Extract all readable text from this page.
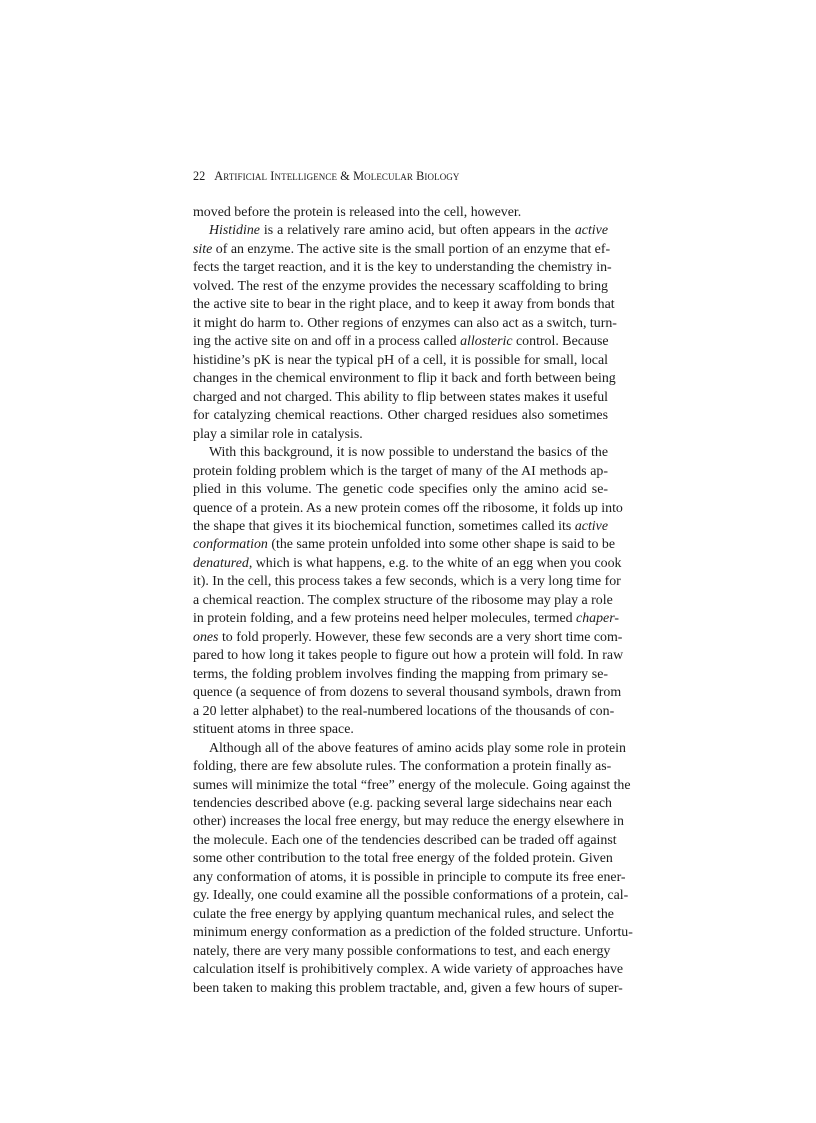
22 Artificial Intelligence & Molecular Biology
moved before the protein is released into the cell, however.
Histidine is a relatively rare amino acid, but often appears in the active
site of an enzyme. The active site is the small portion of an enzyme that ef-
fects the target reaction, and it is the key to understanding the chemistry in-
volved. The rest of the enzyme provides the necessary scaffolding to bring
the active site to bear in the right place, and to keep it away from bonds that
it might do harm to. Other regions of enzymes can also act as a switch, turn-
ing the active site on and off in a process called allosteric control. Because
histidine’s pK is near the typical pH of a cell, it is possible for small, local
changes in the chemical environment to flip it back and forth between being
charged and not charged. This ability to flip between states makes it useful
for catalyzing chemical reactions. Other charged residues also sometimes
play a similar role in catalysis.
With this background, it is now possible to understand the basics of the
protein folding problem which is the target of many of the AI methods ap-
plied in this volume. The genetic code specifies only the amino acid se-
quence of a protein. As a new protein comes off the ribosome, it folds up into
the shape that gives it its biochemical function, sometimes called its active
conformation (the same protein unfolded into some other shape is said to be
denatured, which is what happens, e.g. to the white of an egg when you cook
it). In the cell, this process takes a few seconds, which is a very long time for
a chemical reaction. The complex structure of the ribosome may play a role
in protein folding, and a few proteins need helper molecules, termed chaper-
ones to fold properly. However, these few seconds are a very short time com-
pared to how long it takes people to figure out how a protein will fold. In raw
terms, the folding problem involves finding the mapping from primary se-
quence (a sequence of from dozens to several thousand symbols, drawn from
a 20 letter alphabet) to the real-numbered locations of the thousands of con-
stituent atoms in three space.
Although all of the above features of amino acids play some role in protein
folding, there are few absolute rules. The conformation a protein finally as-
sumes will minimize the total “free” energy of the molecule. Going against the
tendencies described above (e.g. packing several large sidechains near each
other) increases the local free energy, but may reduce the energy elsewhere in
the molecule. Each one of the tendencies described can be traded off against
some other contribution to the total free energy of the folded protein. Given
any conformation of atoms, it is possible in principle to compute its free ener-
gy. Ideally, one could examine all the possible conformations of a protein, cal-
culate the free energy by applying quantum mechanical rules, and select the
minimum energy conformation as a prediction of the folded structure. Unfortu-
nately, there are very many possible conformations to test, and each energy
calculation itself is prohibitively complex. A wide variety of approaches have
been taken to making this problem tractable, and, given a few hours of super-
